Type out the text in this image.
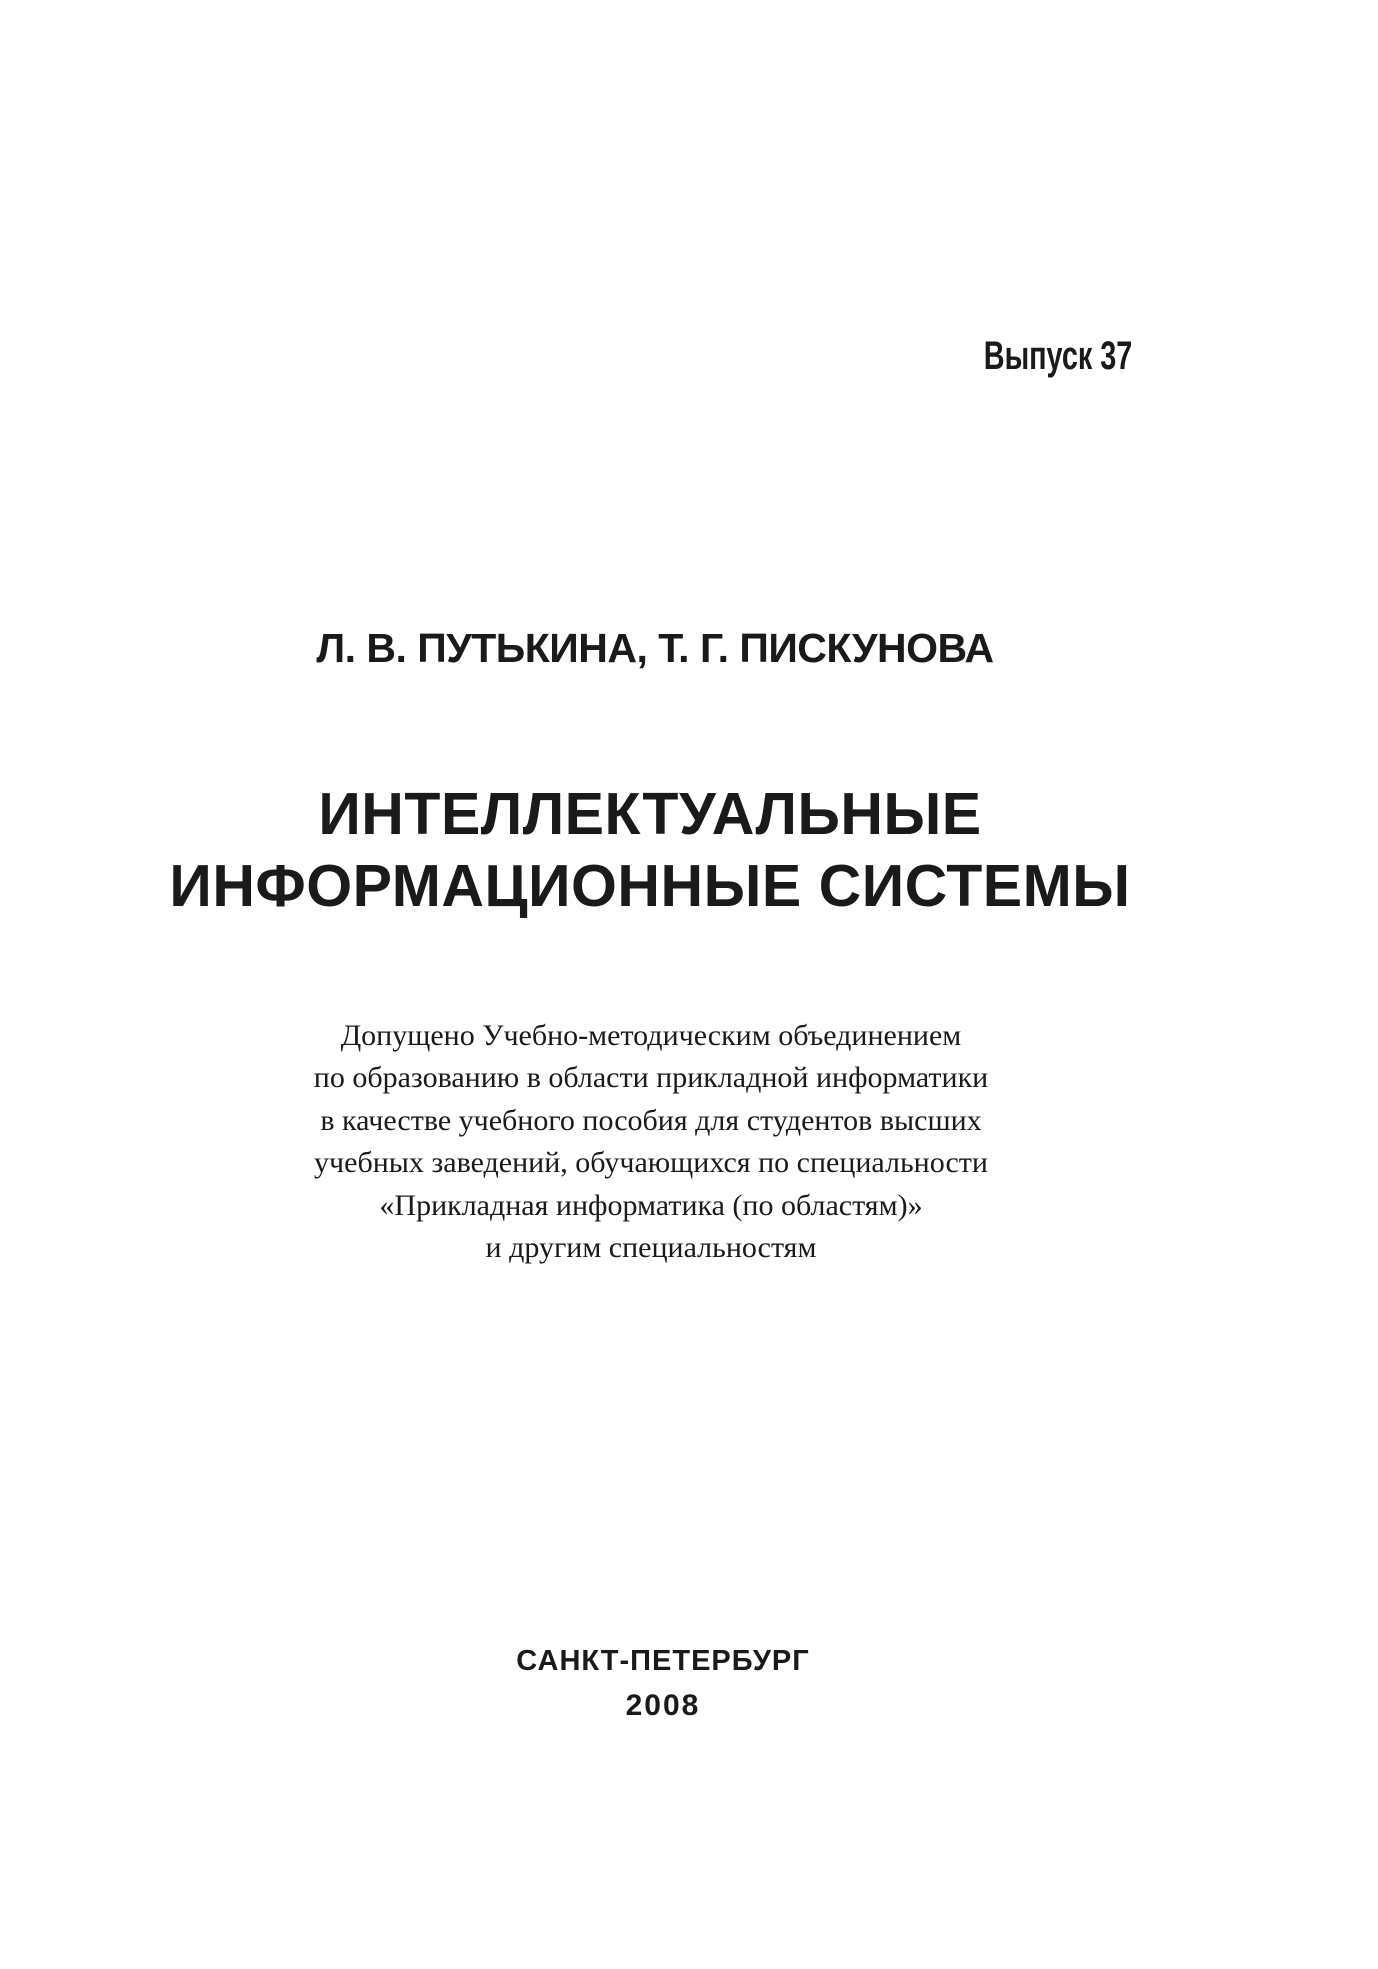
Выпуск 37
Л. В. ПУТЬКИНА, Т. Г. ПИСКУНОВА
ИНТЕЛЛЕКТУАЛЬНЫЕ
ИНФОРМАЦИОННЫЕ СИСТЕМЫ
Допущено Учебно-методическим объединением
по образованию в области прикладной информатики
в качестве учебного пособия для студентов высших
учебных заведений, обучающихся по специальности
«Прикладная информатика (по областям)»
и другим специальностям
САНКТ-ПЕТЕРБУРГ
2008
